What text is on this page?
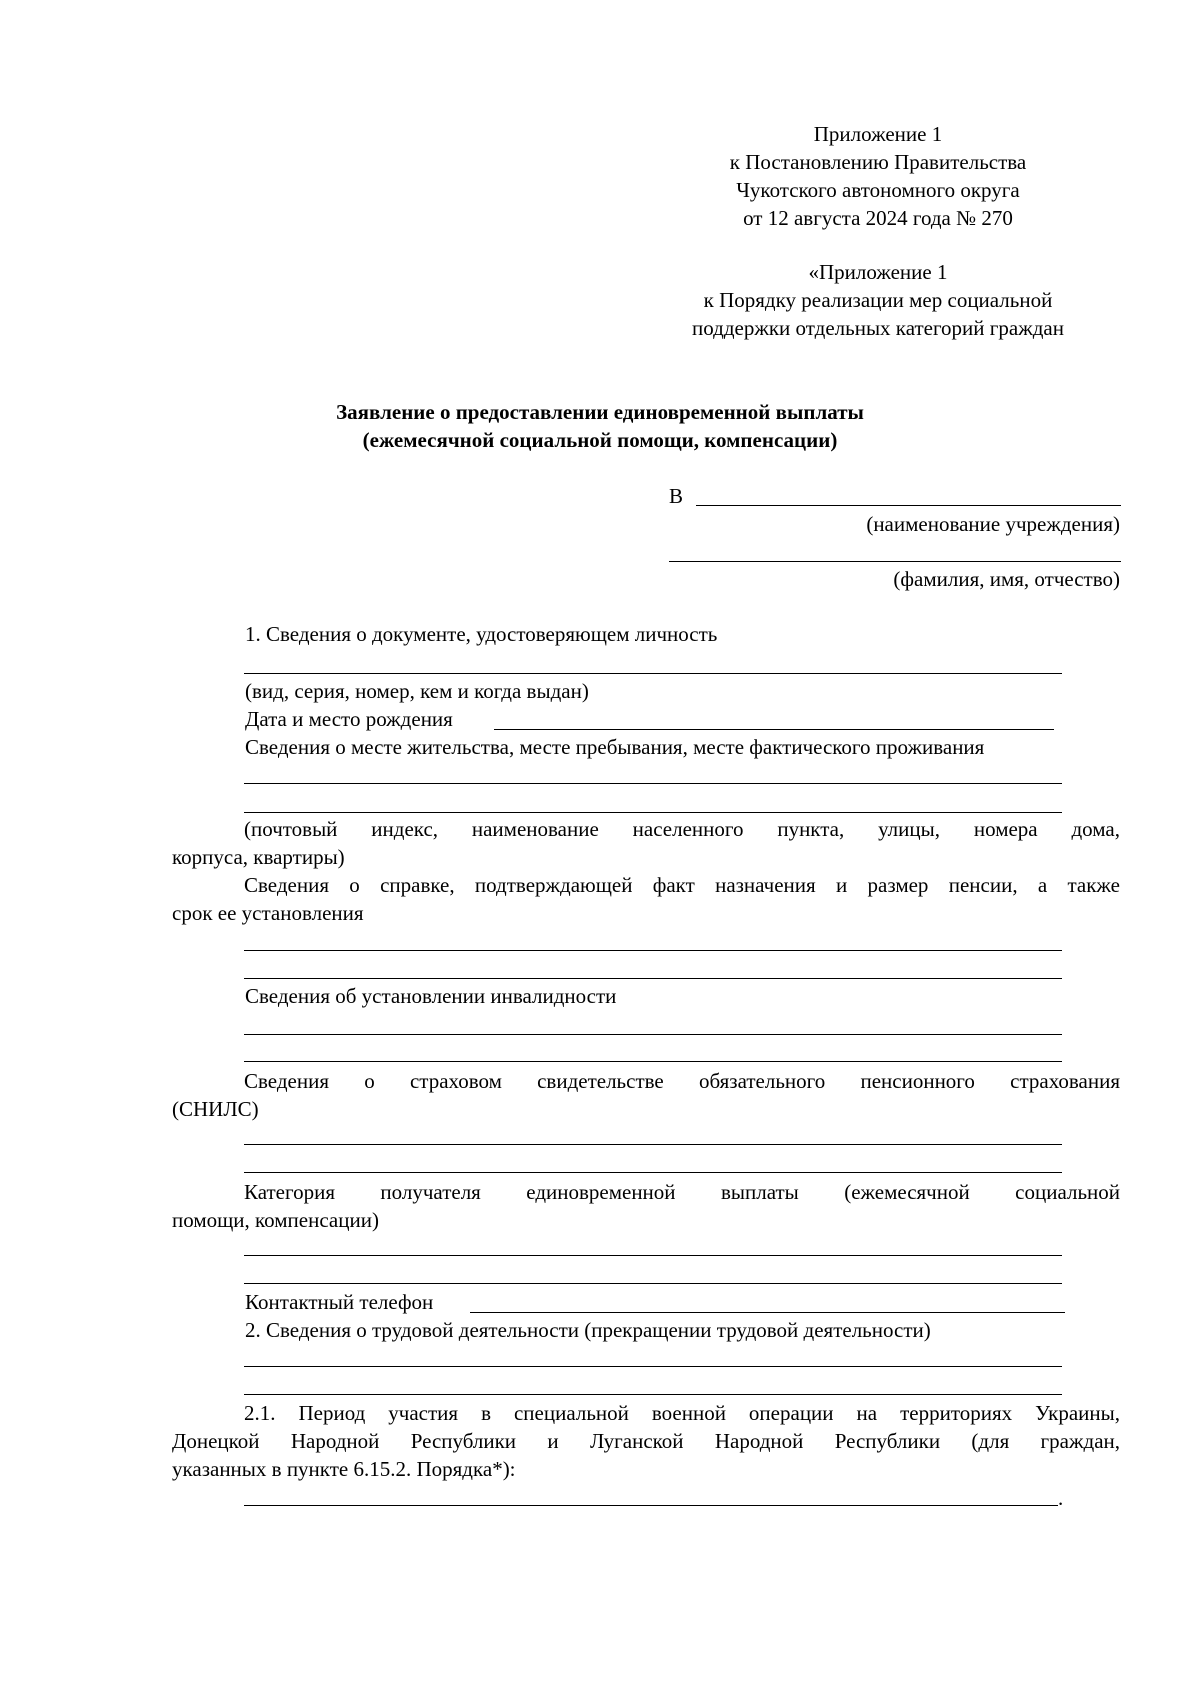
Приложение 1
к Постановлению Правительства
Чукотского автономного округа
от 12 августа 2024 года № 270
«Приложение 1
к Порядку реализации мер социальной
поддержки отдельных категорий граждан
Заявление о предоставлении единовременной выплаты
(ежемесячной социальной помощи, компенсации)
В
(наименование учреждения)
(фамилия, имя, отчество)
1. Сведения о документе, удостоверяющем личность
(вид, серия, номер, кем и когда выдан)
Дата и место рождения
Сведения о месте жительства, месте пребывания, месте фактического проживания
(почтовый индекс, наименование населенного пункта, улицы, номера дома,
корпуса, квартиры)
Сведения о справке, подтверждающей факт назначения и размер пенсии, а также
срок ее установления
Сведения об установлении инвалидности
Сведения о страховом свидетельстве обязательного пенсионного страхования
(СНИЛС)
Категория получателя единовременной выплаты (ежемесячной социальной
помощи, компенсации)
Контактный телефон
2. Сведения о трудовой деятельности (прекращении трудовой деятельности)
2.1. Период участия в специальной военной операции на территориях Украины,
Донецкой Народной Республики и Луганской Народной Республики (для граждан,
указанных в пункте 6.15.2. Порядка*):
.
